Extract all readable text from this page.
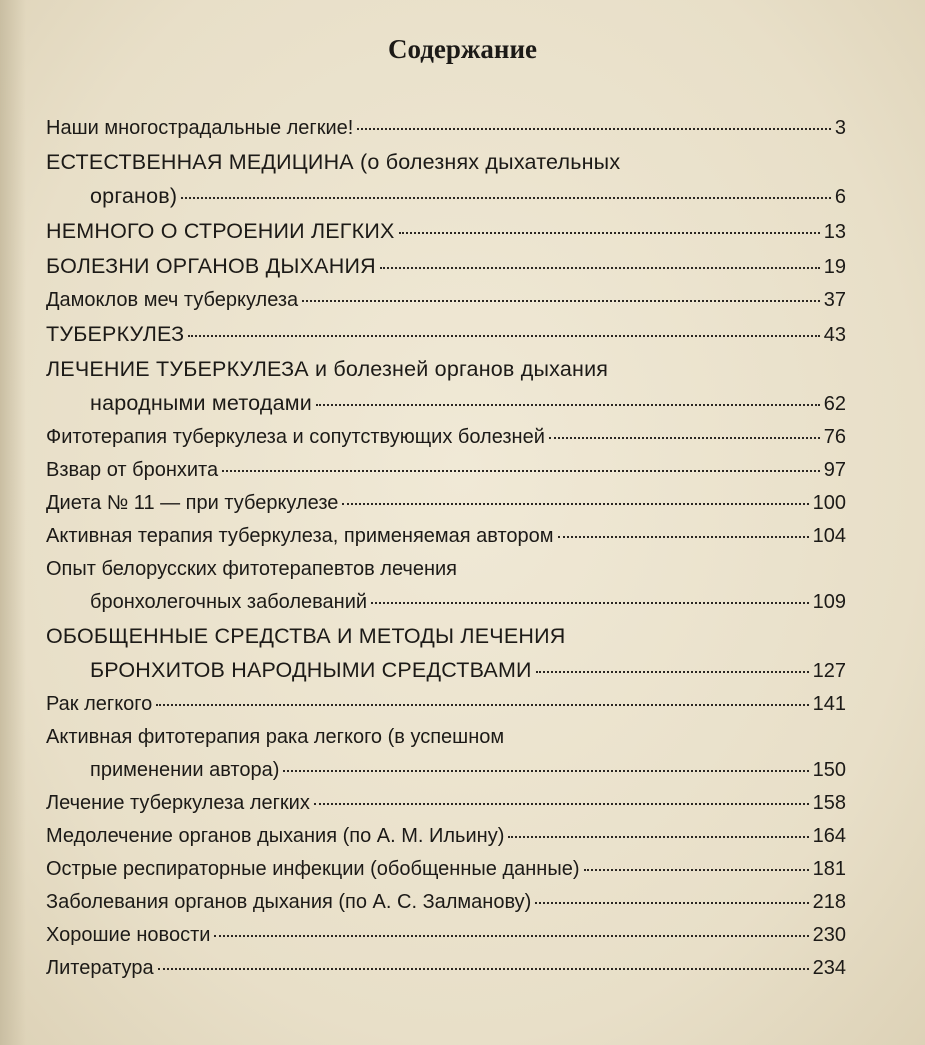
Содержание
Наши многострадальные легкие!	3
ЕСТЕСТВЕННАЯ МЕДИЦИНА (о болезнях дыхательных
органов)	6
НЕМНОГО О СТРОЕНИИ ЛЕГКИХ	13
БОЛЕЗНИ ОРГАНОВ ДЫХАНИЯ	19
Дамоклов меч туберкулеза	37
ТУБЕРКУЛЕЗ	43
ЛЕЧЕНИЕ ТУБЕРКУЛЕЗА и болезней органов дыхания
народными методами	62
Фитотерапия туберкулеза и сопутствующих болезней	76
Взвар от бронхита	97
Диета № 11 — при туберкулезе	100
Активная терапия туберкулеза, применяемая автором	104
Опыт белорусских фитотерапевтов лечения
бронхолегочных заболеваний	109
ОБОБЩЕННЫЕ СРЕДСТВА И МЕТОДЫ ЛЕЧЕНИЯ
БРОНХИТОВ НАРОДНЫМИ СРЕДСТВАМИ	127
Рак легкого	141
Активная фитотерапия рака легкого (в успешном
применении автора)	150
Лечение туберкулеза легких	158
Медолечение органов дыхания (по А. М. Ильину)	164
Острые респираторные инфекции (обобщенные данные)	181
Заболевания органов дыхания (по А. С. Залманову)	218
Хорошие новости	230
Литература	234
